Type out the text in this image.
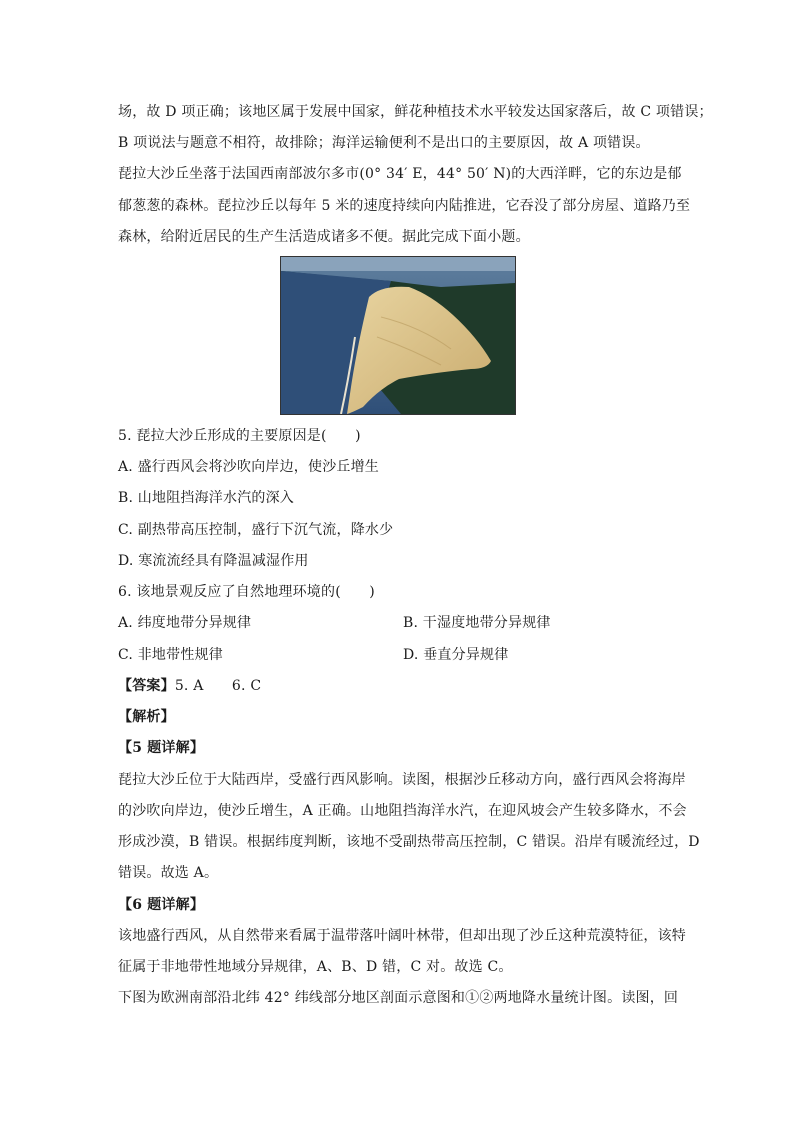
场，故 D 项正确；该地区属于发展中国家，鲜花种植技术水平较发达国家落后，故 C 项错误；
B 项说法与题意不相符，故排除；海洋运输便利不是出口的主要原因，故 A 项错误。
琵拉大沙丘坐落于法国西南部波尔多市(0° 34′ E，44° 50′ N)的大西洋畔，它的东边是郁
郁葱葱的森林。琵拉沙丘以每年 5 米的速度持续向内陆推进，它吞没了部分房屋、道路乃至
森林，给附近居民的生产生活造成诸多不便。据此完成下面小题。
5. 琵拉大沙丘形成的主要原因是(　　)
A. 盛行西风会将沙吹向岸边，使沙丘增生
B. 山地阻挡海洋水汽的深入
C. 副热带高压控制，盛行下沉气流，降水少
D. 寒流流经具有降温减湿作用
6. 该地景观反应了自然地理环境的(　　)
A. 纬度地带分异规律	B. 干湿度地带分异规律
C. 非地带性规律	D. 垂直分异规律
【答案】5. A　　6. C
【解析】
【5 题详解】
琵拉大沙丘位于大陆西岸，受盛行西风影响。读图，根据沙丘移动方向，盛行西风会将海岸
的沙吹向岸边，使沙丘增生，A 正确。山地阻挡海洋水汽，在迎风坡会产生较多降水，不会
形成沙漠，B 错误。根据纬度判断，该地不受副热带高压控制，C 错误。沿岸有暖流经过，D
错误。故选 A。
【6 题详解】
该地盛行西风，从自然带来看属于温带落叶阔叶林带，但却出现了沙丘这种荒漠特征，该特
征属于非地带性地域分异规律，A、B、D 错，C 对。故选 C。
下图为欧洲南部沿北纬 42° 纬线部分地区剖面示意图和①②两地降水量统计图。读图，回
